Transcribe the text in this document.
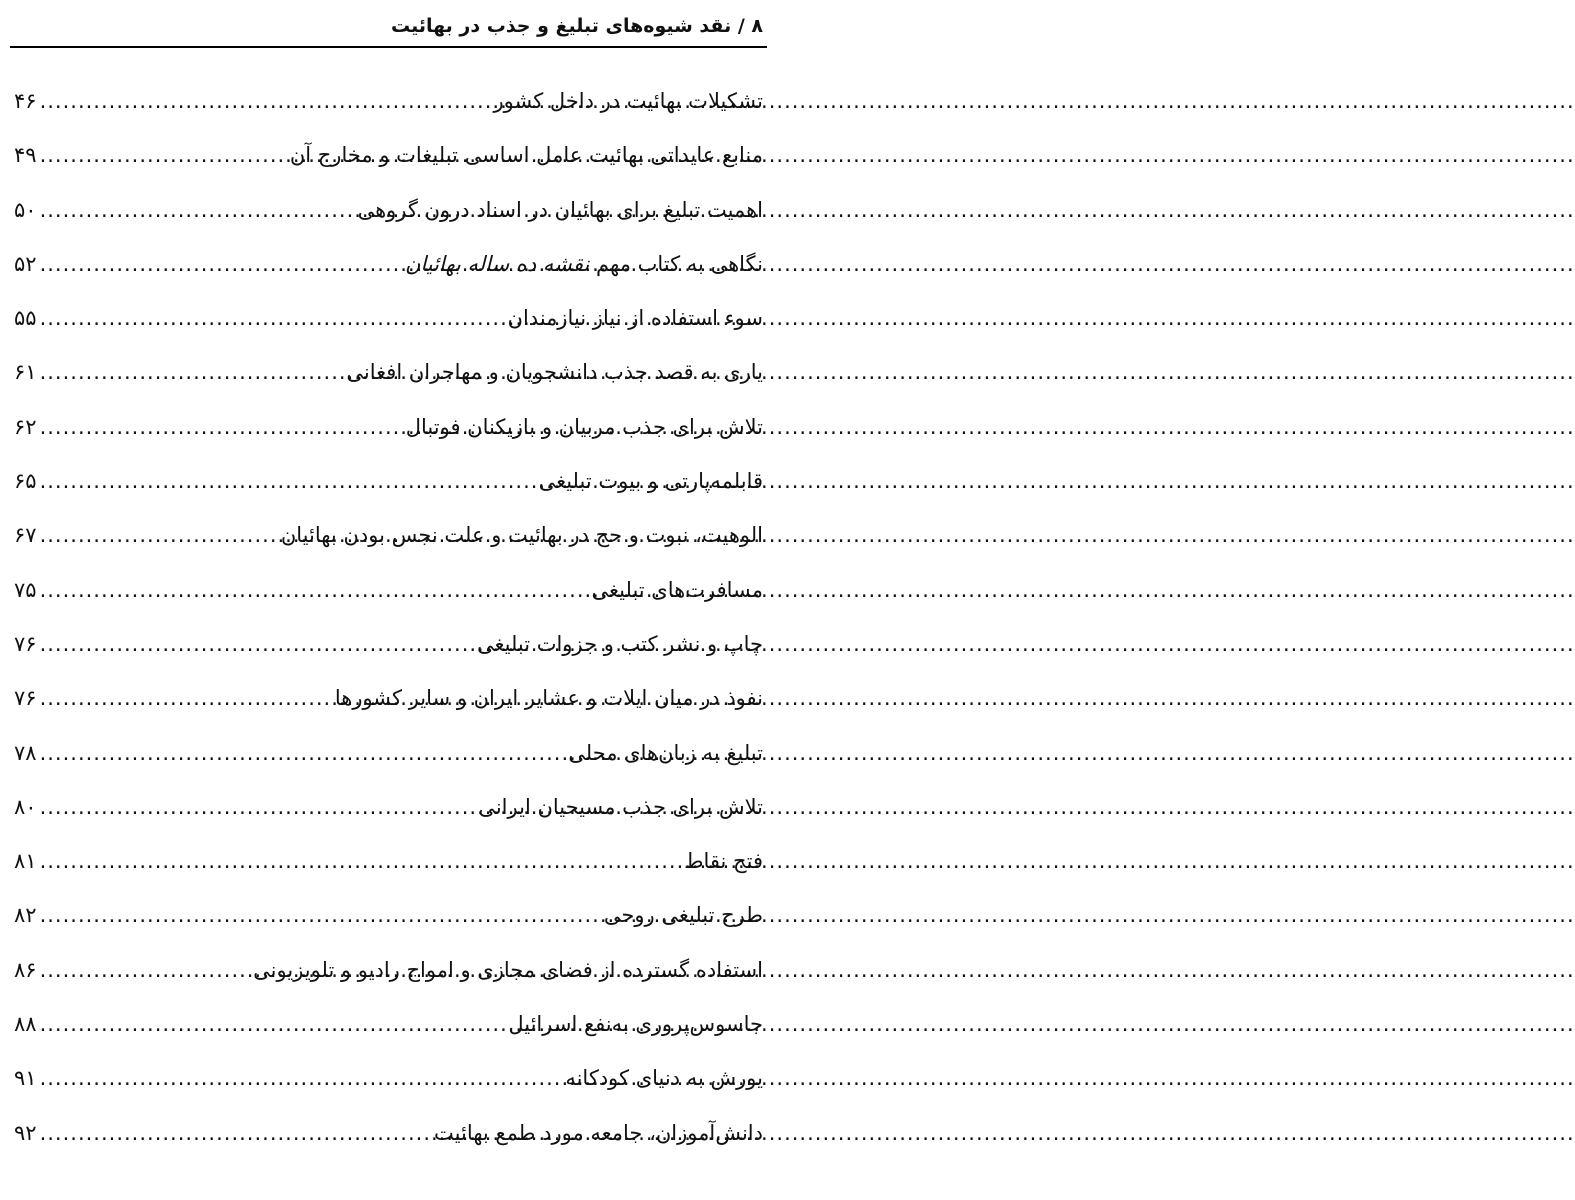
۸ / نقد شیوه‌های تبلیغ و جذب در بهائیت
تشکیلات بهائیت در داخل کشور
.....
۴۶
منابع عایداتی بهائیت عامل اساسی تبلیغات و مخارج آن
.....
۴۹
اهمیت تبلیغ برای بهائیان در اسناد درون گروهی
.....
۵۰
نگاهی به کتاب مهم نقشه ده ساله بهائیان
.....
۵۲
سوء استفاده از نیاز نیازمندان
.....
۵۵
یاری به قصد جذب دانشجویان و مهاجران افغانی
.....
۶۱
تلاش برای جذب مربیان و بازیکنان فوتبال
.....
۶۲
قابلمه‌پارتی و بیوت تبلیغی
.....
۶۵
الوهیت، نبوت و حج در بهائیت و علت نجس بودن بهائیان
.....
۶۷
مسافرت‌های تبلیغی
.....
۷۵
چاپ و نشر کتب و جزوات تبلیغی
.....
۷۶
نفوذ در میان ایلات و عشایر ایران و سایر کشورها
.....
۷۶
تبلیغ به زبان‌های محلی
.....
۷۸
تلاش برای جذب مسیحیان ایرانی
.....
۸۰
فتح نقاط
.....
۸۱
طرح تبلیغی روحی
.....
۸۲
استفاده گسترده از فضای مجازی و امواج رادیو و تلویزیونی
.....
۸۶
جاسوس‌پروری به‌نفع اسرائیل
.....
۸۸
یورش به دنیای کودکانه
.....
۹۱
دانش‌آموزان، جامعه مورد طمع بهائیت
.....
۹۲
